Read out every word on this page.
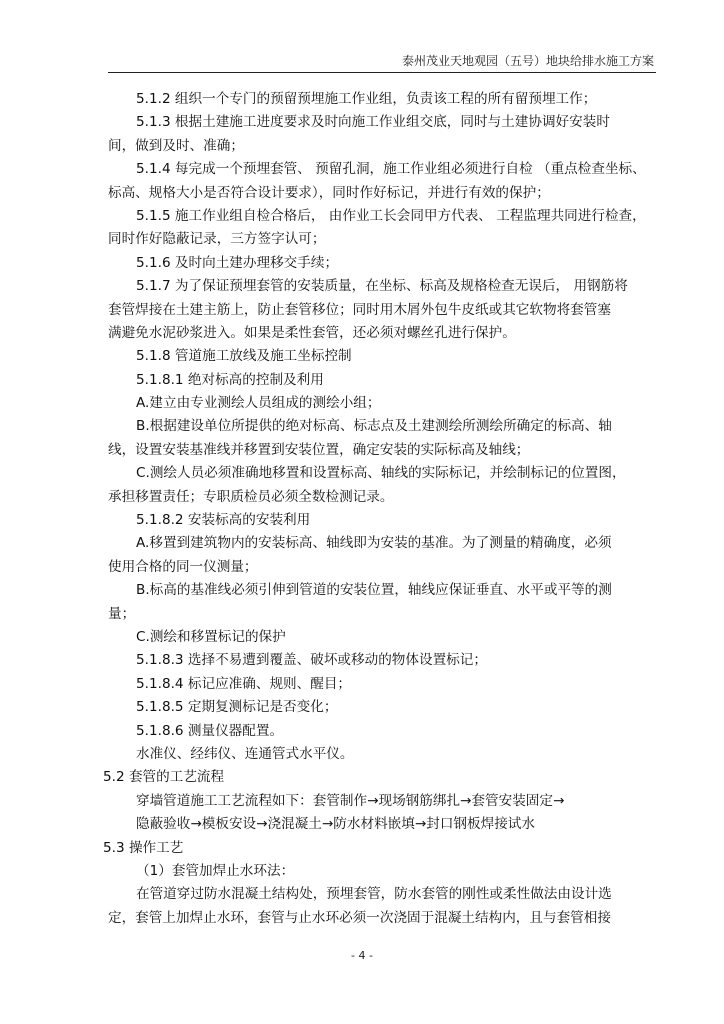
泰州茂业天地观园（五号）地块给排水施工方案
5.1.2 组织一个专门的预留预埋施工作业组，负责该工程的所有留预埋工作；
5.1.3 根据土建施工进度要求及时向施工作业组交底，同时与土建协调好安装时
间，做到及时、准确；
5.1.4 每完成一个预埋套管、 预留孔洞，施工作业组必须进行自检 （重点检查坐标、
标高、规格大小是否符合设计要求），同时作好标记，并进行有效的保护；
5.1.5 施工作业组自检合格后， 由作业工长会同甲方代表、 工程监理共同进行检查，
同时作好隐蔽记录，三方签字认可；
5.1.6 及时向土建办理移交手续；
5.1.7 为了保证预埋套管的安装质量，在坐标、标高及规格检查无误后， 用钢筋将
套管焊接在土建主筋上，防止套管移位；同时用木屑外包牛皮纸或其它软物将套管塞
满避免水泥砂浆进入。如果是柔性套管，还必须对螺丝孔进行保护。
5.1.8 管道施工放线及施工坐标控制
5.1.8.1 绝对标高的控制及利用
A.建立由专业测绘人员组成的测绘小组；
B.根据建设单位所提供的绝对标高、标志点及土建测绘所测绘所确定的标高、轴
线，设置安装基准线并移置到安装位置，确定安装的实际标高及轴线；
C.测绘人员必须准确地移置和设置标高、轴线的实际标记，并绘制标记的位置图，
承担移置责任；专职质检员必须全数检测记录。
5.1.8.2 安装标高的安装利用
A.移置到建筑物内的安装标高、轴线即为安装的基准。为了测量的精确度，必须
使用合格的同一仪测量；
B.标高的基准线必须引伸到管道的安装位置，轴线应保证垂直、水平或平等的测
量；
C.测绘和移置标记的保护
5.1.8.3 选择不易遭到覆盖、破坏或移动的物体设置标记；
5.1.8.4 标记应准确、规则、醒目；
5.1.8.5 定期复测标记是否变化；
5.1.8.6 测量仪器配置。
水准仪、经纬仪、连通管式水平仪。
5.2 套管的工艺流程
穿墙管道施工工艺流程如下：套管制作→现场钢筋绑扎→套管安装固定→
隐蔽验收→模板安设→浇混凝土→防水材料嵌填→封口钢板焊接试水
5.3 操作工艺
（1）套管加焊止水环法：
在管道穿过防水混凝土结构处，预埋套管，防水套管的刚性或柔性做法由设计选
定，套管上加焊止水环，套管与止水环必须一次浇固于混凝土结构内，且与套管相接
- 4 -
